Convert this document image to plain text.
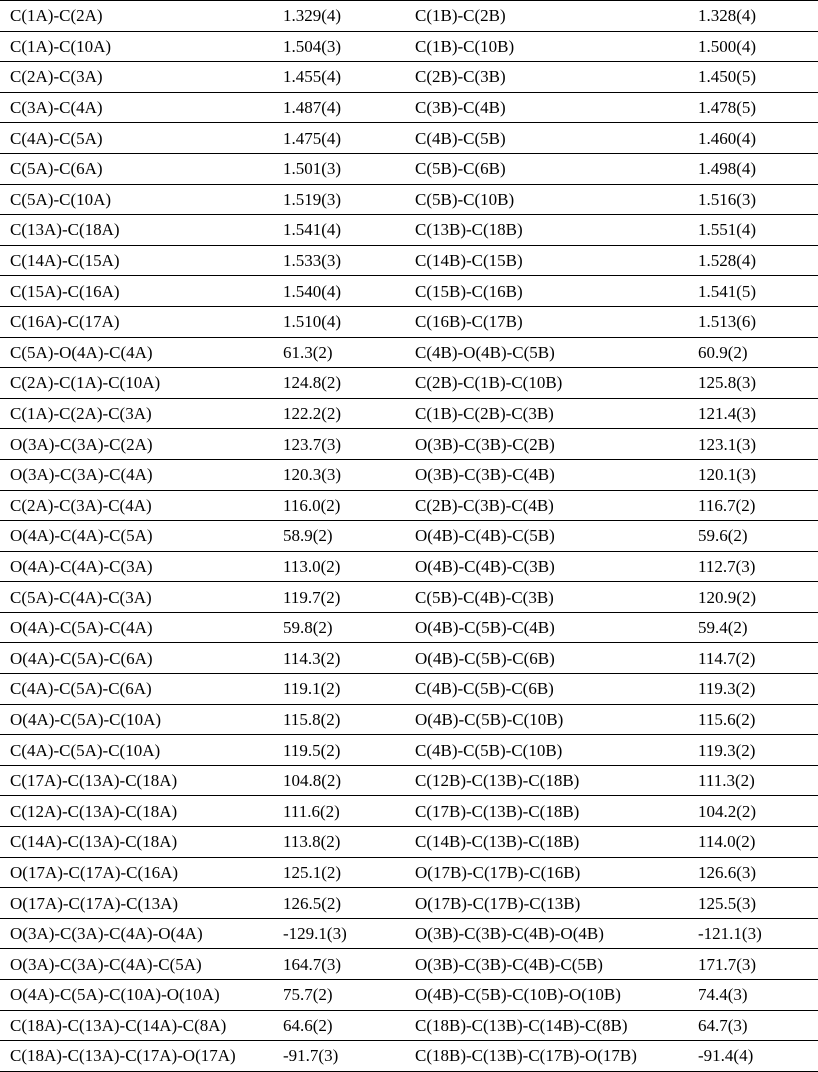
C(1A)-C(2A)	1.329(4)	C(1B)-C(2B)	1.328(4)
C(1A)-C(10A)	1.504(3)	C(1B)-C(10B)	1.500(4)
C(2A)-C(3A)	1.455(4)	C(2B)-C(3B)	1.450(5)
C(3A)-C(4A)	1.487(4)	C(3B)-C(4B)	1.478(5)
C(4A)-C(5A)	1.475(4)	C(4B)-C(5B)	1.460(4)
C(5A)-C(6A)	1.501(3)	C(5B)-C(6B)	1.498(4)
C(5A)-C(10A)	1.519(3)	C(5B)-C(10B)	1.516(3)
C(13A)-C(18A)	1.541(4)	C(13B)-C(18B)	1.551(4)
C(14A)-C(15A)	1.533(3)	C(14B)-C(15B)	1.528(4)
C(15A)-C(16A)	1.540(4)	C(15B)-C(16B)	1.541(5)
C(16A)-C(17A)	1.510(4)	C(16B)-C(17B)	1.513(6)
C(5A)-O(4A)-C(4A)	61.3(2)	C(4B)-O(4B)-C(5B)	60.9(2)
C(2A)-C(1A)-C(10A)	124.8(2)	C(2B)-C(1B)-C(10B)	125.8(3)
C(1A)-C(2A)-C(3A)	122.2(2)	C(1B)-C(2B)-C(3B)	121.4(3)
O(3A)-C(3A)-C(2A)	123.7(3)	O(3B)-C(3B)-C(2B)	123.1(3)
O(3A)-C(3A)-C(4A)	120.3(3)	O(3B)-C(3B)-C(4B)	120.1(3)
C(2A)-C(3A)-C(4A)	116.0(2)	C(2B)-C(3B)-C(4B)	116.7(2)
O(4A)-C(4A)-C(5A)	58.9(2)	O(4B)-C(4B)-C(5B)	59.6(2)
O(4A)-C(4A)-C(3A)	113.0(2)	O(4B)-C(4B)-C(3B)	112.7(3)
C(5A)-C(4A)-C(3A)	119.7(2)	C(5B)-C(4B)-C(3B)	120.9(2)
O(4A)-C(5A)-C(4A)	59.8(2)	O(4B)-C(5B)-C(4B)	59.4(2)
O(4A)-C(5A)-C(6A)	114.3(2)	O(4B)-C(5B)-C(6B)	114.7(2)
C(4A)-C(5A)-C(6A)	119.1(2)	C(4B)-C(5B)-C(6B)	119.3(2)
O(4A)-C(5A)-C(10A)	115.8(2)	O(4B)-C(5B)-C(10B)	115.6(2)
C(4A)-C(5A)-C(10A)	119.5(2)	C(4B)-C(5B)-C(10B)	119.3(2)
C(17A)-C(13A)-C(18A)	104.8(2)	C(12B)-C(13B)-C(18B)	111.3(2)
C(12A)-C(13A)-C(18A)	111.6(2)	C(17B)-C(13B)-C(18B)	104.2(2)
C(14A)-C(13A)-C(18A)	113.8(2)	C(14B)-C(13B)-C(18B)	114.0(2)
O(17A)-C(17A)-C(16A)	125.1(2)	O(17B)-C(17B)-C(16B)	126.6(3)
O(17A)-C(17A)-C(13A)	126.5(2)	O(17B)-C(17B)-C(13B)	125.5(3)
O(3A)-C(3A)-C(4A)-O(4A)	-129.1(3)	O(3B)-C(3B)-C(4B)-O(4B)	-121.1(3)
O(3A)-C(3A)-C(4A)-C(5A)	164.7(3)	O(3B)-C(3B)-C(4B)-C(5B)	171.7(3)
O(4A)-C(5A)-C(10A)-O(10A)	75.7(2)	O(4B)-C(5B)-C(10B)-O(10B)	74.4(3)
C(18A)-C(13A)-C(14A)-C(8A)	64.6(2)	C(18B)-C(13B)-C(14B)-C(8B)	64.7(3)
C(18A)-C(13A)-C(17A)-O(17A)	-91.7(3)	C(18B)-C(13B)-C(17B)-O(17B)	-91.4(4)
